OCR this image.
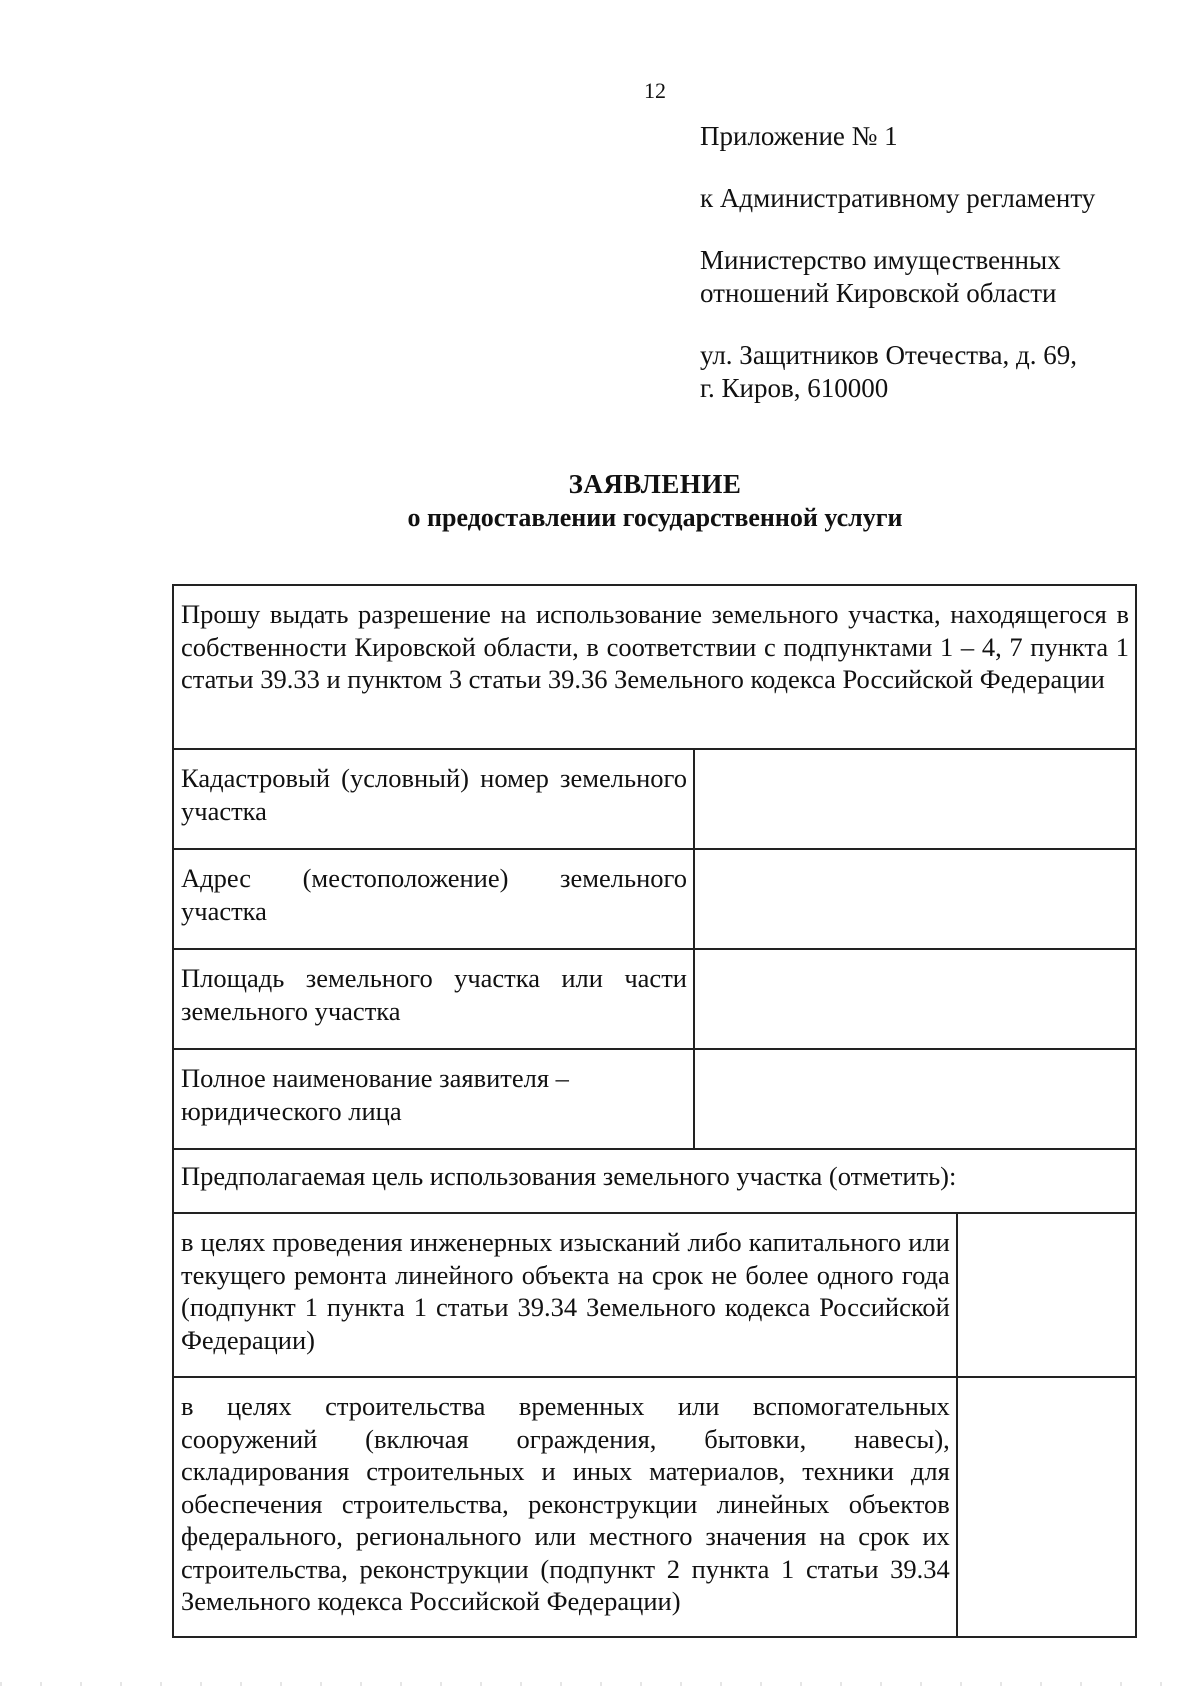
12

Приложение № 1

к Административному регламенту

Министерство имущественных

отношений Кировской области

ул. Защитников Отечества, д. 69,

г. Киров, 610000

ЗАЯВЛЕНИЕ
о предоставлении государственной услуги
Прошу выдать разрешение на использование земельного участка, находящегося в собственности Кировской области, в соответствии с подпунктами 1 – 4, 7 пункта 1 статьи 39.33 и пунктом 3 статьи 39.36 Земельного кодекса Российской Федерации		
Кадастровый (условный) номер земельного участка		
Адрес (местоположение) земельного участка		
Площадь земельного участка или части земельного участка		
Полное наименование заявителя – юридического лица		
Предполагаемая цель использования земельного участка (отметить):		
в целях проведения инженерных изысканий либо капитального или текущего ремонта линейного объекта на срок не более одного года (подпункт 1 пункта 1 статьи 39.34 Земельного кодекса Российской Федерации)		
в целях строительства временных или вспомогательных сооружений (включая ограждения, бытовки, навесы), складирования строительных и иных материалов, техники для обеспечения строительства, реконструкции линейных объектов федерального, регионального или местного значения на срок их строительства, реконструкции (подпункт 2 пункта 1 статьи 39.34 Земельного кодекса Российской Федерации)		
